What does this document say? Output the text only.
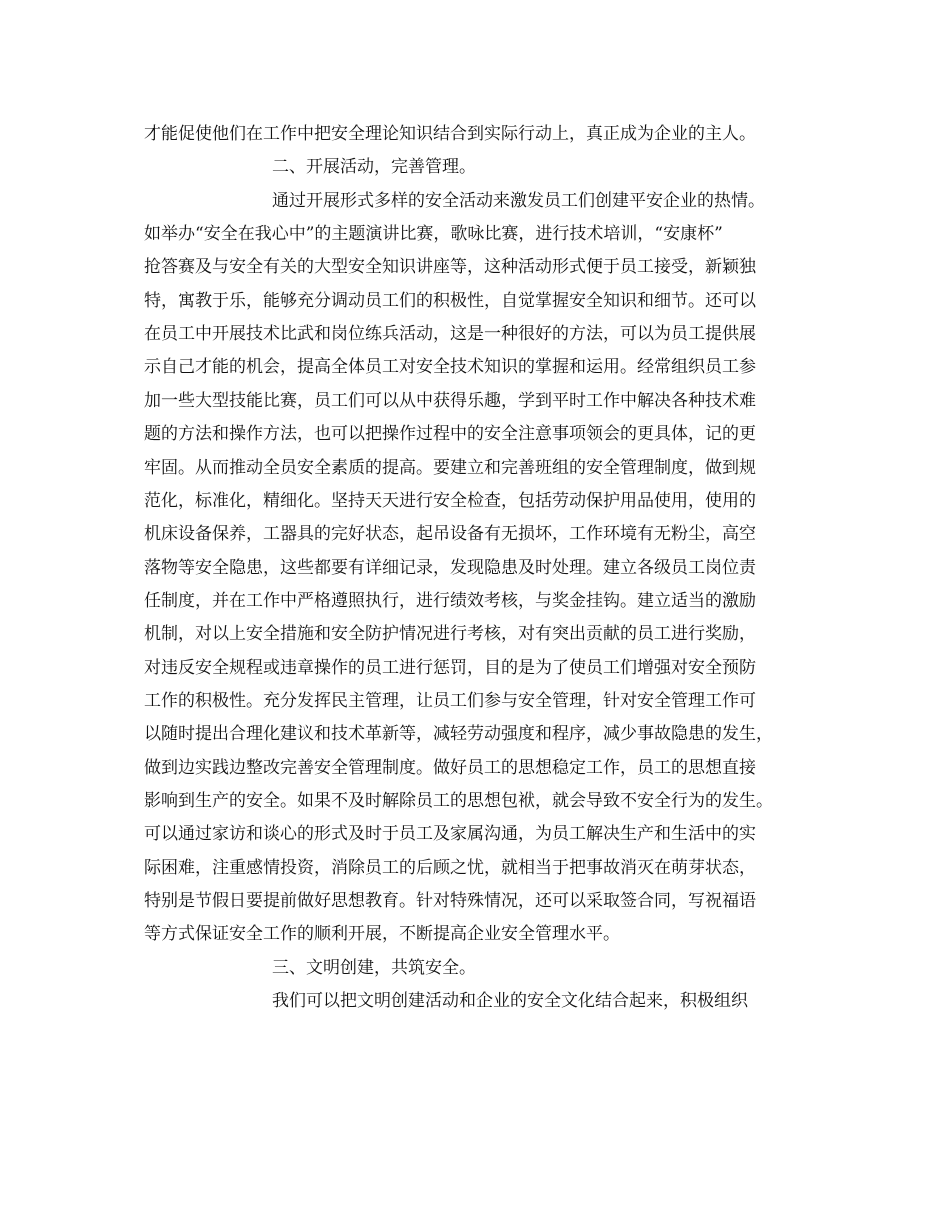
才能促使他们在工作中把安全理论知识结合到实际行动上，真正成为企业的主人。
二、开展活动，完善管理。
通过开展形式多样的安全活动来激发员工们创建平安企业的热情。
如举办“安全在我心中”的主题演讲比赛，歌咏比赛，进行技术培训，“安康杯”
抢答赛及与安全有关的大型安全知识讲座等，这种活动形式便于员工接受，新颖独
特，寓教于乐，能够充分调动员工们的积极性，自觉掌握安全知识和细节。还可以
在员工中开展技术比武和岗位练兵活动，这是一种很好的方法，可以为员工提供展
示自己才能的机会，提高全体员工对安全技术知识的掌握和运用。经常组织员工参
加一些大型技能比赛，员工们可以从中获得乐趣，学到平时工作中解决各种技术难
题的方法和操作方法，也可以把操作过程中的安全注意事项领会的更具体，记的更
牢固。从而推动全员安全素质的提高。要建立和完善班组的安全管理制度，做到规
范化，标准化，精细化。坚持天天进行安全检查，包括劳动保护用品使用，使用的
机床设备保养，工器具的完好状态，起吊设备有无损坏，工作环境有无粉尘，高空
落物等安全隐患，这些都要有详细记录，发现隐患及时处理。建立各级员工岗位责
任制度，并在工作中严格遵照执行，进行绩效考核，与奖金挂钩。建立适当的激励
机制，对以上安全措施和安全防护情况进行考核，对有突出贡献的员工进行奖励，
对违反安全规程或违章操作的员工进行惩罚，目的是为了使员工们增强对安全预防
工作的积极性。充分发挥民主管理，让员工们参与安全管理，针对安全管理工作可
以随时提出合理化建议和技术革新等，减轻劳动强度和程序，减少事故隐患的发生，
做到边实践边整改完善安全管理制度。做好员工的思想稳定工作，员工的思想直接
影响到生产的安全。如果不及时解除员工的思想包袱，就会导致不安全行为的发生。
可以通过家访和谈心的形式及时于员工及家属沟通，为员工解决生产和生活中的实
际困难，注重感情投资，消除员工的后顾之忧，就相当于把事故消灭在萌芽状态，
特别是节假日要提前做好思想教育。针对特殊情况，还可以采取签合同，写祝福语
等方式保证安全工作的顺利开展，不断提高企业安全管理水平。
三、文明创建，共筑安全。
我们可以把文明创建活动和企业的安全文化结合起来，积极组织
